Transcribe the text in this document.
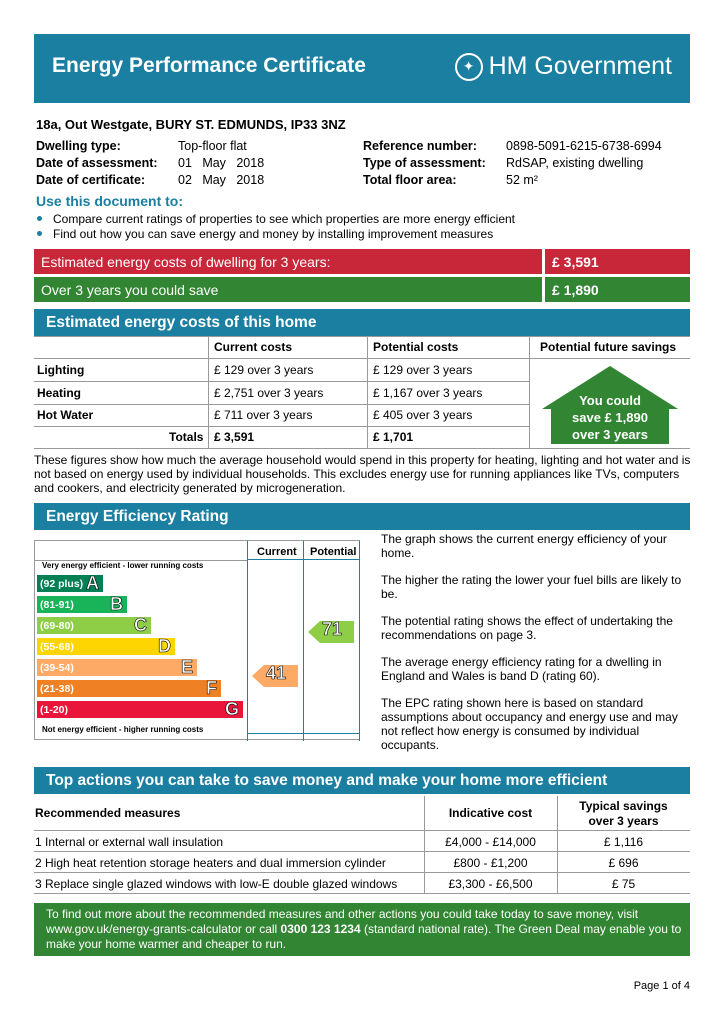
Energy Performance Certificate	✦ HM Government
18a, Out Westgate, BURY ST. EDMUNDS, IP33 3NZ
Dwelling type:	Top-floor flat
Date of assessment: 01   May   2018
Date of certificate:	02   May   2018
Reference number: 0898-5091-6215-6738-6994
Type of assessment: RdSAP, existing dwelling
Total floor area:	52 m²
Use this document to:
Compare current ratings of properties to see which properties are more energy efficient
Find out how you can save energy and money by installing improvement measures
Estimated energy costs of dwelling for 3 years:	£ 3,591
Over 3 years you could save	£ 1,890
Estimated energy costs of this home
Current costs	Potential costs	Potential future savings
Lighting	£ 129 over 3 years	£ 129 over 3 years
Heating	£ 2,751 over 3 years	£ 1,167 over 3 years
Hot Water	£ 711 over 3 years	£ 405 over 3 years
Totals £ 3,591	£ 1,701
You could
save £ 1,890
over 3 years
These figures show how much the average household would spend in this property for heating, lighting and hot water and is not based on energy used by individual households. This excludes energy use for running appliances like TVs, computers and cookers, and electricity generated by microgeneration.
Energy Efficiency Rating
Current Potential
Very energy efficient - lower running costs
Not energy efficient - higher running costs
(92 plus) A
(81-91) B
(69-80)	C
(55-68)	D
(39-54)	E
(21-38)	F
(1-20)	G
41
71
The graph shows the current energy efficiency of your home.
The higher the rating the lower your fuel bills are likely to be.
The potential rating shows the effect of undertaking the recommendations on page 3.
The average energy efficiency rating for a dwelling in England and Wales is band D (rating 60).
The EPC rating shown here is based on standard assumptions about occupancy and energy use and may not reflect how energy is consumed by individual occupants.
Top actions you can take to save money and make your home more efficient
Recommended measures	Indicative cost	Typical savings
over 3 years
1 Internal or external wall insulation	£4,000 - £14,000	£ 1,116
2 High heat retention storage heaters and dual immersion cylinder	£800 - £1,200	£ 696
3 Replace single glazed windows with low-E double glazed windows	£3,300 - £6,500	£ 75
To find out more about the recommended measures and other actions you could take today to save money, visit
www.gov.uk/energy-grants-calculator or call 0300 123 1234 (standard national rate). The Green Deal may enable you to
make your home warmer and cheaper to run.
Page 1 of 4
